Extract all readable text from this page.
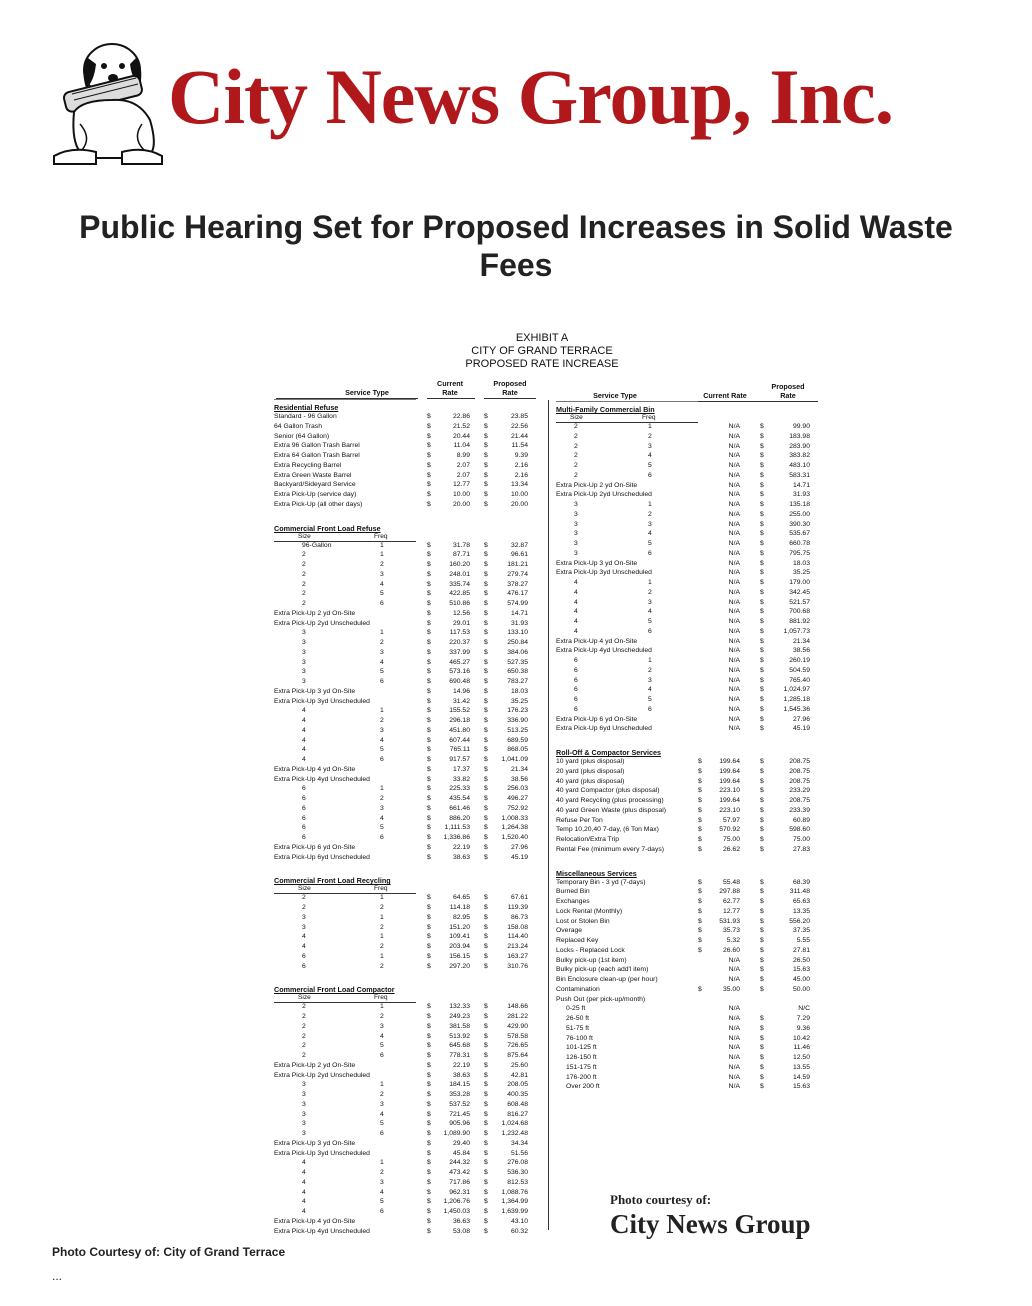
City News Group, Inc.
Public Hearing Set for Proposed Increases in Solid Waste Fees
EXHIBIT A
CITY OF GRAND TERRACE
PROPOSED RATE INCREASE
Service Type
Current
Rate
Proposed
Rate	Service Type	Current Rate
Proposed
Rate
Residential Refuse
Standard - 96 Gallon	$	22.86 $	23.85
64 Gallon Trash	$	21.52 $	22.56
Senior (64 Gallon)	$	20.44 $	21.44
Extra 96 Gallon Trash Barrel	$	11.04 $	11.54
Extra 64 Gallon Trash Barrel	$	8.99 $	9.39
Extra Recycling Barrel	$	2.07 $	2.16
Extra Green Waste Barrel	$	2.07 $	2.16
Backyard/Sideyard Service	$	12.77 $	13.34
Extra Pick-Up (service day)	$	10.00 $	10.00
Extra Pick-Up (all other days)	$	20.00 $	20.00
Commercial Front Load Refuse
Size	Freq
96-Gallon	1	$	31.78 $	32.87
2	1	$	87.71 $	96.61
2	2	$	160.20 $	181.21
2	3	$	248.01 $	279.74
2	4	$	335.74 $	378.27
2	5	$	422.85 $	476.17
2	6	$	510.86 $	574.99
Extra Pick-Up 2 yd On-Site	$	12.56 $	14.71
Extra Pick-Up 2yd Unscheduled	$	29.01 $	31.93
3	1	$	117.53 $	133.10
3	2	$	220.37 $	250.84
3	3	$	337.99 $	384.06
3	4	$	465.27 $	527.35
3	5	$	573.16 $	650.38
3	6	$	690.48 $	783.27
Extra Pick-Up 3 yd On-Site	$	14.96 $	18.03
Extra Pick-Up 3yd Unscheduled	$	31.42 $	35.25
4	1	$	155.52 $	176.23
4	2	$	296.18 $	336.90
4	3	$	451.80 $	513.25
4	4	$	607.44 $	689.59
4	5	$	765.11 $	868.05
4	6	$	917.57 $	1,041.09
Extra Pick-Up 4 yd On-Site	$	17.37 $	21.34
Extra Pick-Up 4yd Unscheduled	$	33.82 $	38.56
6	1	$	225.33 $	256.03
6	2	$	435.54 $	496.27
6	3	$	661.46 $	752.92
6	4	$	886.20 $	1,008.33
6	5	$	1,111.53 $	1,264.38
6	6	$	1,336.86 $	1,520.40
Extra Pick-Up 6 yd On-Site	$	22.19 $	27.96
Extra Pick-Up 6yd Unscheduled	$	38.63 $	45.19
Commercial Front Load Recycling
Size	Freq
2	1	$	64.65 $	67.61
2	2	$	114.18 $	119.39
3	1	$	82.95 $	86.73
3	2	$	151.20 $	158.08
4	1	$	109.41 $	114.40
4	2	$	203.94 $	213.24
6	1	$	156.15 $	163.27
6	2	$	297.20 $	310.76
Commercial Front Load Compactor
Size	Freq
2	1	$	132.33 $	148.66
2	2	$	249.23 $	281.22
2	3	$	381.58 $	429.90
2	4	$	513.92 $	578.58
2	5	$	645.68 $	726.65
2	6	$	778.31 $	875.64
Extra Pick-Up 2 yd On-Site	$	22.19 $	25.60
Extra Pick-Up 2yd Unscheduled	$	38.63 $	42.81
3	1	$	184.15 $	208.05
3	2	$	353.28 $	400.35
3	3	$	537.52 $	608.48
3	4	$	721.45 $	816.27
3	5	$	905.96 $	1,024.68
3	6	$	1,089.90 $	1,232.48
Extra Pick-Up 3 yd On-Site	$	29.40 $	34.34
Extra Pick-Up 3yd Unscheduled	$	45.84 $	51.56
4	1	$	244.32 $	276.08
4	2	$	473.42 $	536.30
4	3	$	717.86 $	812.53
4	4	$	962.31 $	1,088.76
4	5	$	1,206.76 $	1,364.99
4	6	$	1,450.03 $	1,639.99
Extra Pick-Up 4 yd On-Site	$	36.63 $	43.10
Extra Pick-Up 4yd Unscheduled	$	53.08 $	60.32
Multi-Family Commercial Bin
Size	Freq
2	1	N/A	$	99.90
2	2	N/A	$	183.98
2	3	N/A	$	283.90
2	4	N/A	$	383.82
2	5	N/A	$	483.10
2	6	N/A	$	583.31
Extra Pick-Up 2 yd On-Site	N/A	$	14.71
Extra Pick-Up 2yd Unscheduled	N/A	$	31.93
3	1	N/A	$	135.18
3	2	N/A	$	255.00
3	3	N/A	$	390.30
3	4	N/A	$	535.67
3	5	N/A	$	660.78
3	6	N/A	$	795.75
Extra Pick-Up 3 yd On-Site	N/A	$	18.03
Extra Pick-Up 3yd Unscheduled	N/A	$	35.25
4	1	N/A	$	179.00
4	2	N/A	$	342.45
4	3	N/A	$	521.57
4	4	N/A	$	700.68
4	5	N/A	$	881.92
4	6	N/A	$	1,057.73
Extra Pick-Up 4 yd On-Site	N/A	$	21.34
Extra Pick-Up 4yd Unscheduled	N/A	$	38.56
6	1	N/A	$	260.19
6	2	N/A	$	504.59
6	3	N/A	$	765.40
6	4	N/A	$	1,024.97
6	5	N/A	$	1,285.18
6	6	N/A	$	1,545.36
Extra Pick-Up 6 yd On-Site	N/A	$	27.96
Extra Pick-Up 6yd Unscheduled	N/A	$	45.19
Roll-Off & Compactor Services
10 yard (plus disposal)	$	199.64	$	208.75
20 yard (plus disposal)	$	199.64	$	208.75
40 yard (plus disposal)	$	199.64	$	208.75
40 yard Compactor (plus disposal)	$	223.10	$	233.29
40 yard Recycling (plus processing)	$	199.64	$	208.75
40 yard Green Waste (plus disposal)	$	223.10	$	233.39
Refuse Per Ton	$	57.97	$	60.89
Temp 10,20,40 7-day, (6 Ton Max)	$	570.92	$	598.60
Relocation/Extra Trip	$	75.00	$	75.00
Rental Fee (minimum every 7-days)	$	26.62	$	27.83
Miscellaneous Services
Temporary Bin - 3 yd (7-days)	$	55.48	$	68.39
Burned Bin	$	297.88	$	311.48
Exchanges	$	62.77	$	65.63
Lock Rental (Monthly)	$	12.77	$	13.35
Lost or Stolen Bin	$	531.93	$	556.20
Overage	$	35.73	$	37.35
Replaced Key	$	5.32	$	5.55
Locks - Replaced Lock	$	26.60	$	27.81
Bulky pick-up (1st item)	N/A	$	26.50
Bulky pick-up (each add'l item)	N/A	$	15.63
Bin Enclosure clean-up (per hour)	N/A	$	45.00
Contamination	$	35.00	$	50.00
Push Out (per pick-up/month)
0-25 ft	N/A	N/C
26-50 ft	N/A	$	7.29
51-75 ft	N/A	$	9.36
76-100 ft	N/A	$	10.42
101-125 ft	N/A	$	11.46
126-150 ft	N/A	$	12.50
151-175 ft	N/A	$	13.55
176-200 ft	N/A	$	14.59
Over 200 ft	N/A	$	15.63
Photo courtesy of:
City News Group
Photo Courtesy of: City of Grand Terrace
...
